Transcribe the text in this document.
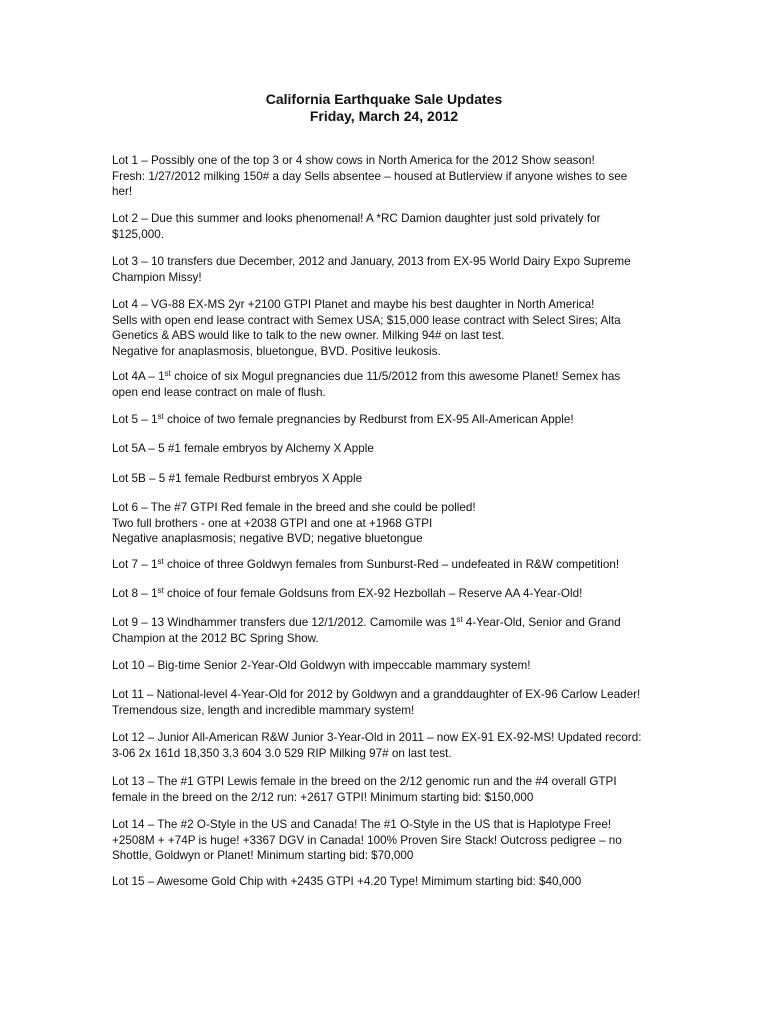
California Earthquake Sale Updates
Friday, March 24, 2012

Lot 1 – Possibly one of the top 3 or 4 show cows in North America for the 2012 Show season!

Fresh: 1/27/2012 milking 150# a day Sells absentee – housed at Butlerview if anyone wishes to see

her!

Lot 2 – Due this summer and looks phenomenal! A *RC Damion daughter just sold privately for

$125,000.

Lot 3 – 10 transfers due December, 2012 and January, 2013 from EX-95 World Dairy Expo Supreme

Champion Missy!

Lot 4 – VG-88 EX-MS 2yr +2100 GTPI Planet and maybe his best daughter in North America!

Sells with open end lease contract with Semex USA; $15,000 lease contract with Select Sires; Alta

Genetics & ABS would like to talk to the new owner. Milking 94# on last test.

Negative for anaplasmosis, bluetongue, BVD. Positive leukosis.

Lot 4A – 1st choice of six Mogul pregnancies due 11/5/2012 from this awesome Planet! Semex has

open end lease contract on male of flush.

Lot 5 – 1st choice of two female pregnancies by Redburst from EX-95 All-American Apple!

Lot 5A – 5 #1 female embryos by Alchemy X Apple

Lot 5B – 5 #1 female Redburst embryos X Apple

Lot 6 – The #7 GTPI Red female in the breed and she could be polled!

Two full brothers - one at +2038 GTPI and one at +1968 GTPI

Negative anaplasmosis; negative BVD; negative bluetongue

Lot 7 – 1st choice of three Goldwyn females from Sunburst-Red – undefeated in R&W competition!

Lot 8 – 1st choice of four female Goldsuns from EX-92 Hezbollah – Reserve AA 4-Year-Old!

Lot 9 – 13 Windhammer transfers due 12/1/2012. Camomile was 1st 4-Year-Old, Senior and Grand

Champion at the 2012 BC Spring Show.

Lot 10 – Big-time Senior 2-Year-Old Goldwyn with impeccable mammary system!

Lot 11 – National-level 4-Year-Old for 2012 by Goldwyn and a granddaughter of EX-96 Carlow Leader!

Tremendous size, length and incredible mammary system!

Lot 12 – Junior All-American R&W Junior 3-Year-Old in 2011 – now EX-91 EX-92-MS! Updated record:

3-06 2x 161d 18,350 3.3 604 3.0 529 RIP Milking 97# on last test.

Lot 13 – The #1 GTPI Lewis female in the breed on the 2/12 genomic run and the #4 overall GTPI

female in the breed on the 2/12 run: +2617 GTPI! Minimum starting bid: $150,000

Lot 14 – The #2 O-Style in the US and Canada! The #1 O-Style in the US that is Haplotype Free!

+2508M + +74P is huge! +3367 DGV in Canada! 100% Proven Sire Stack! Outcross pedigree – no

Shottle, Goldwyn or Planet! Minimum starting bid: $70,000

Lot 15 – Awesome Gold Chip with +2435 GTPI +4.20 Type! Mimimum starting bid: $40,000
